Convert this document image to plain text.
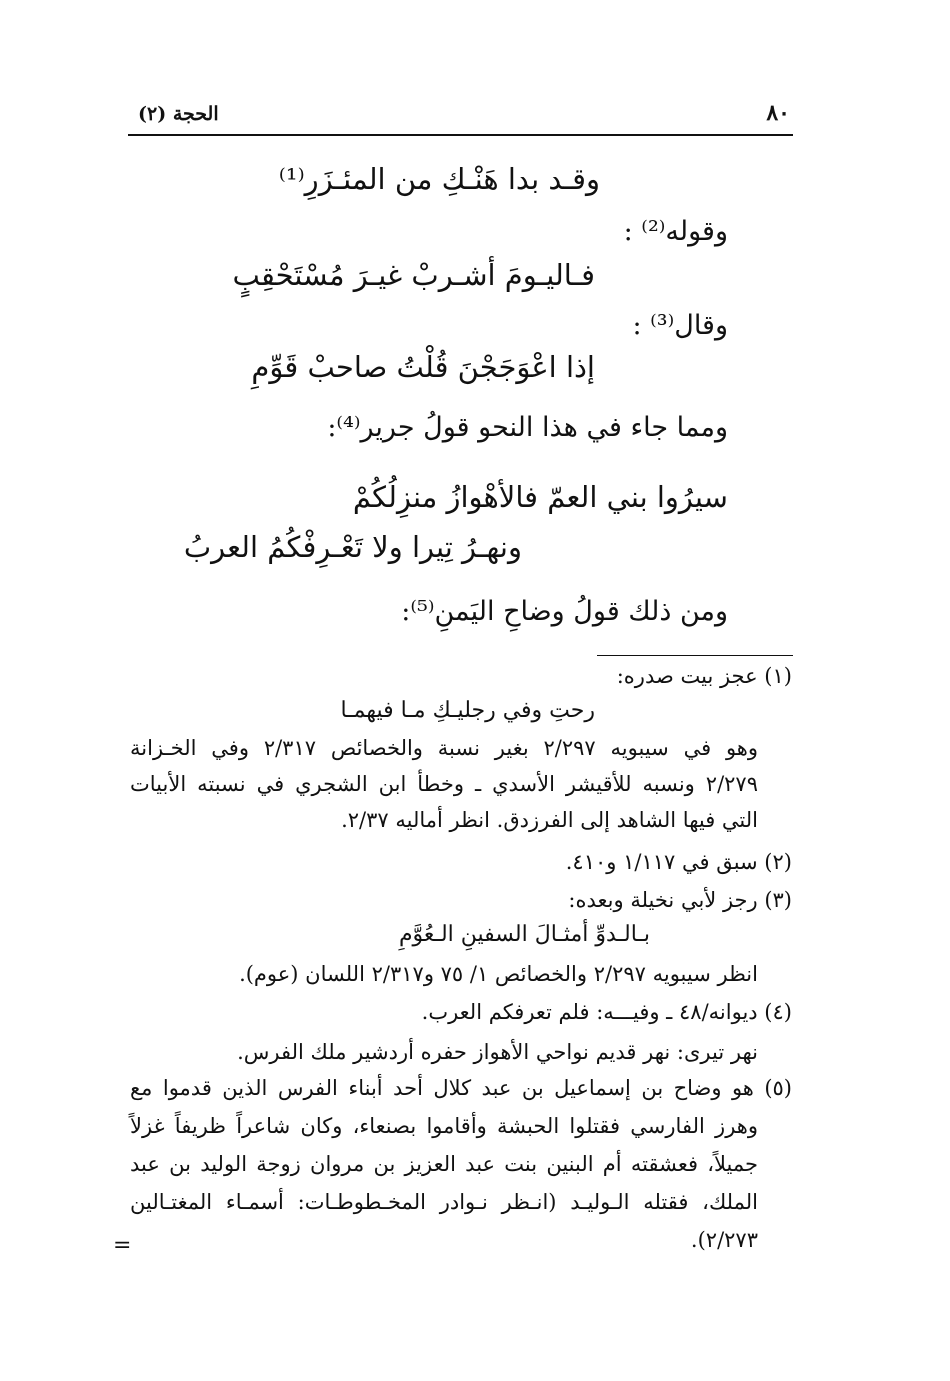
٨٠
الحجة (٢)
وقـد بدا هَنْـكِ من المئـزَرِ⁽¹⁾
وقوله⁽²⁾ :
فـاليـومَ أشـربْ غيـرَ مُسْتَحْقِبٍ
وقال⁽³⁾ :
إذا اعْوَجَجْنَ قُلْتُ صاحبْ قَوِّمِ
ومما جاء في هذا النحو قولُ جرير⁽⁴⁾:
سيرُوا بني العمّ فالأهْوازُ منزِلُكُمْ
ونهـرُ تِيرا ولا تَعْـرِفْكُمُ العربُ
ومن ذلك قولُ وضاحِ اليَمنِ⁽⁵⁾:
(١) عجز بيت صدره:
رحتِ وفي رجليـكِ مـا فيهمـا
وهو في سيبويه ٢/٢٩٧ بغير نسبة والخصائص ٢/٣١٧ وفي الخـزانة
٢/٢٧٩ ونسبه للأقيشر الأسدي ـ وخطأ ابن الشجري في نسبته الأبيات
التي فيها الشاهد إلى الفرزدق. انظر أماليه ٢/٣٧.
(٢) سبق في ١/١١٧ و٤١٠.
(٣) رجز لأبي نخيلة وبعده:
بـالـدوِّ أمثـالَ السفينِ الـعُوَّمِ
انظر سيبويه ٢/٢٩٧ والخصائص ١/ ٧٥ و٢/٣١٧ اللسان (عوم).
(٤) ديوانه/٤٨ ـ وفيـــه: فلم تعرفكم العرب.
نهر تيرى: نهر قديم نواحي الأهواز حفره أردشير ملك الفرس.
(٥) هو وضاح بن إسماعيل بن عبد كلال أحد أبناء الفرس الذين قدموا مع
وهرز الفارسي فقتلوا الحبشة وأقاموا بصنعاء، وكان شاعراً ظريفاً غزلاً
جميلاً، فعشقته أم البنين بنت عبد العزيز بن مروان زوجة الوليد بن عبد
الملك، فقتله الـوليـد (انـظر نـوادر المخـطوطـات: أسمـاء المغتـالين
٢/٢٧٣).
=
